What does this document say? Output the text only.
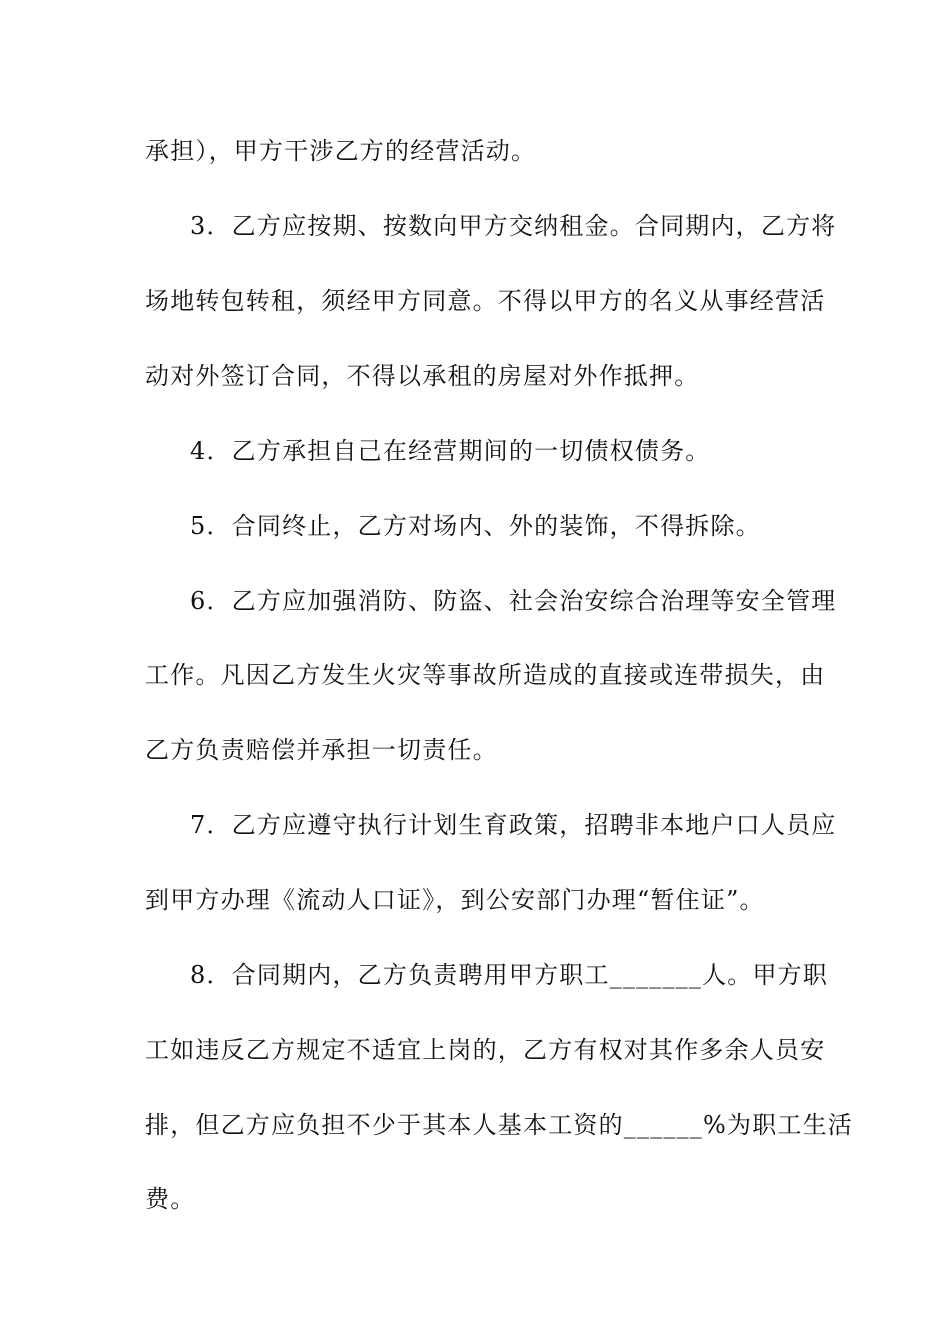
承担），甲方干涉乙方的经营活动。
3．乙方应按期、按数向甲方交纳租金。合同期内，乙方将
场地转包转租，须经甲方同意。不得以甲方的名义从事经营活
动对外签订合同，不得以承租的房屋对外作抵押。
4．乙方承担自己在经营期间的一切债权债务。
5．合同终止，乙方对场内、外的装饰，不得拆除。
6．乙方应加强消防、防盗、社会治安综合治理等安全管理
工作。凡因乙方发生火灾等事故所造成的直接或连带损失，由
乙方负责赔偿并承担一切责任。
7．乙方应遵守执行计划生育政策，招聘非本地户口人员应
到甲方办理《流动人口证》，到公安部门办理“暂住证”。
8．合同期内，乙方负责聘用甲方职工_______人。甲方职
工如违反乙方规定不适宜上岗的，乙方有权对其作多余人员安
排，但乙方应负担不少于其本人基本工资的______%为职工生活
费。
